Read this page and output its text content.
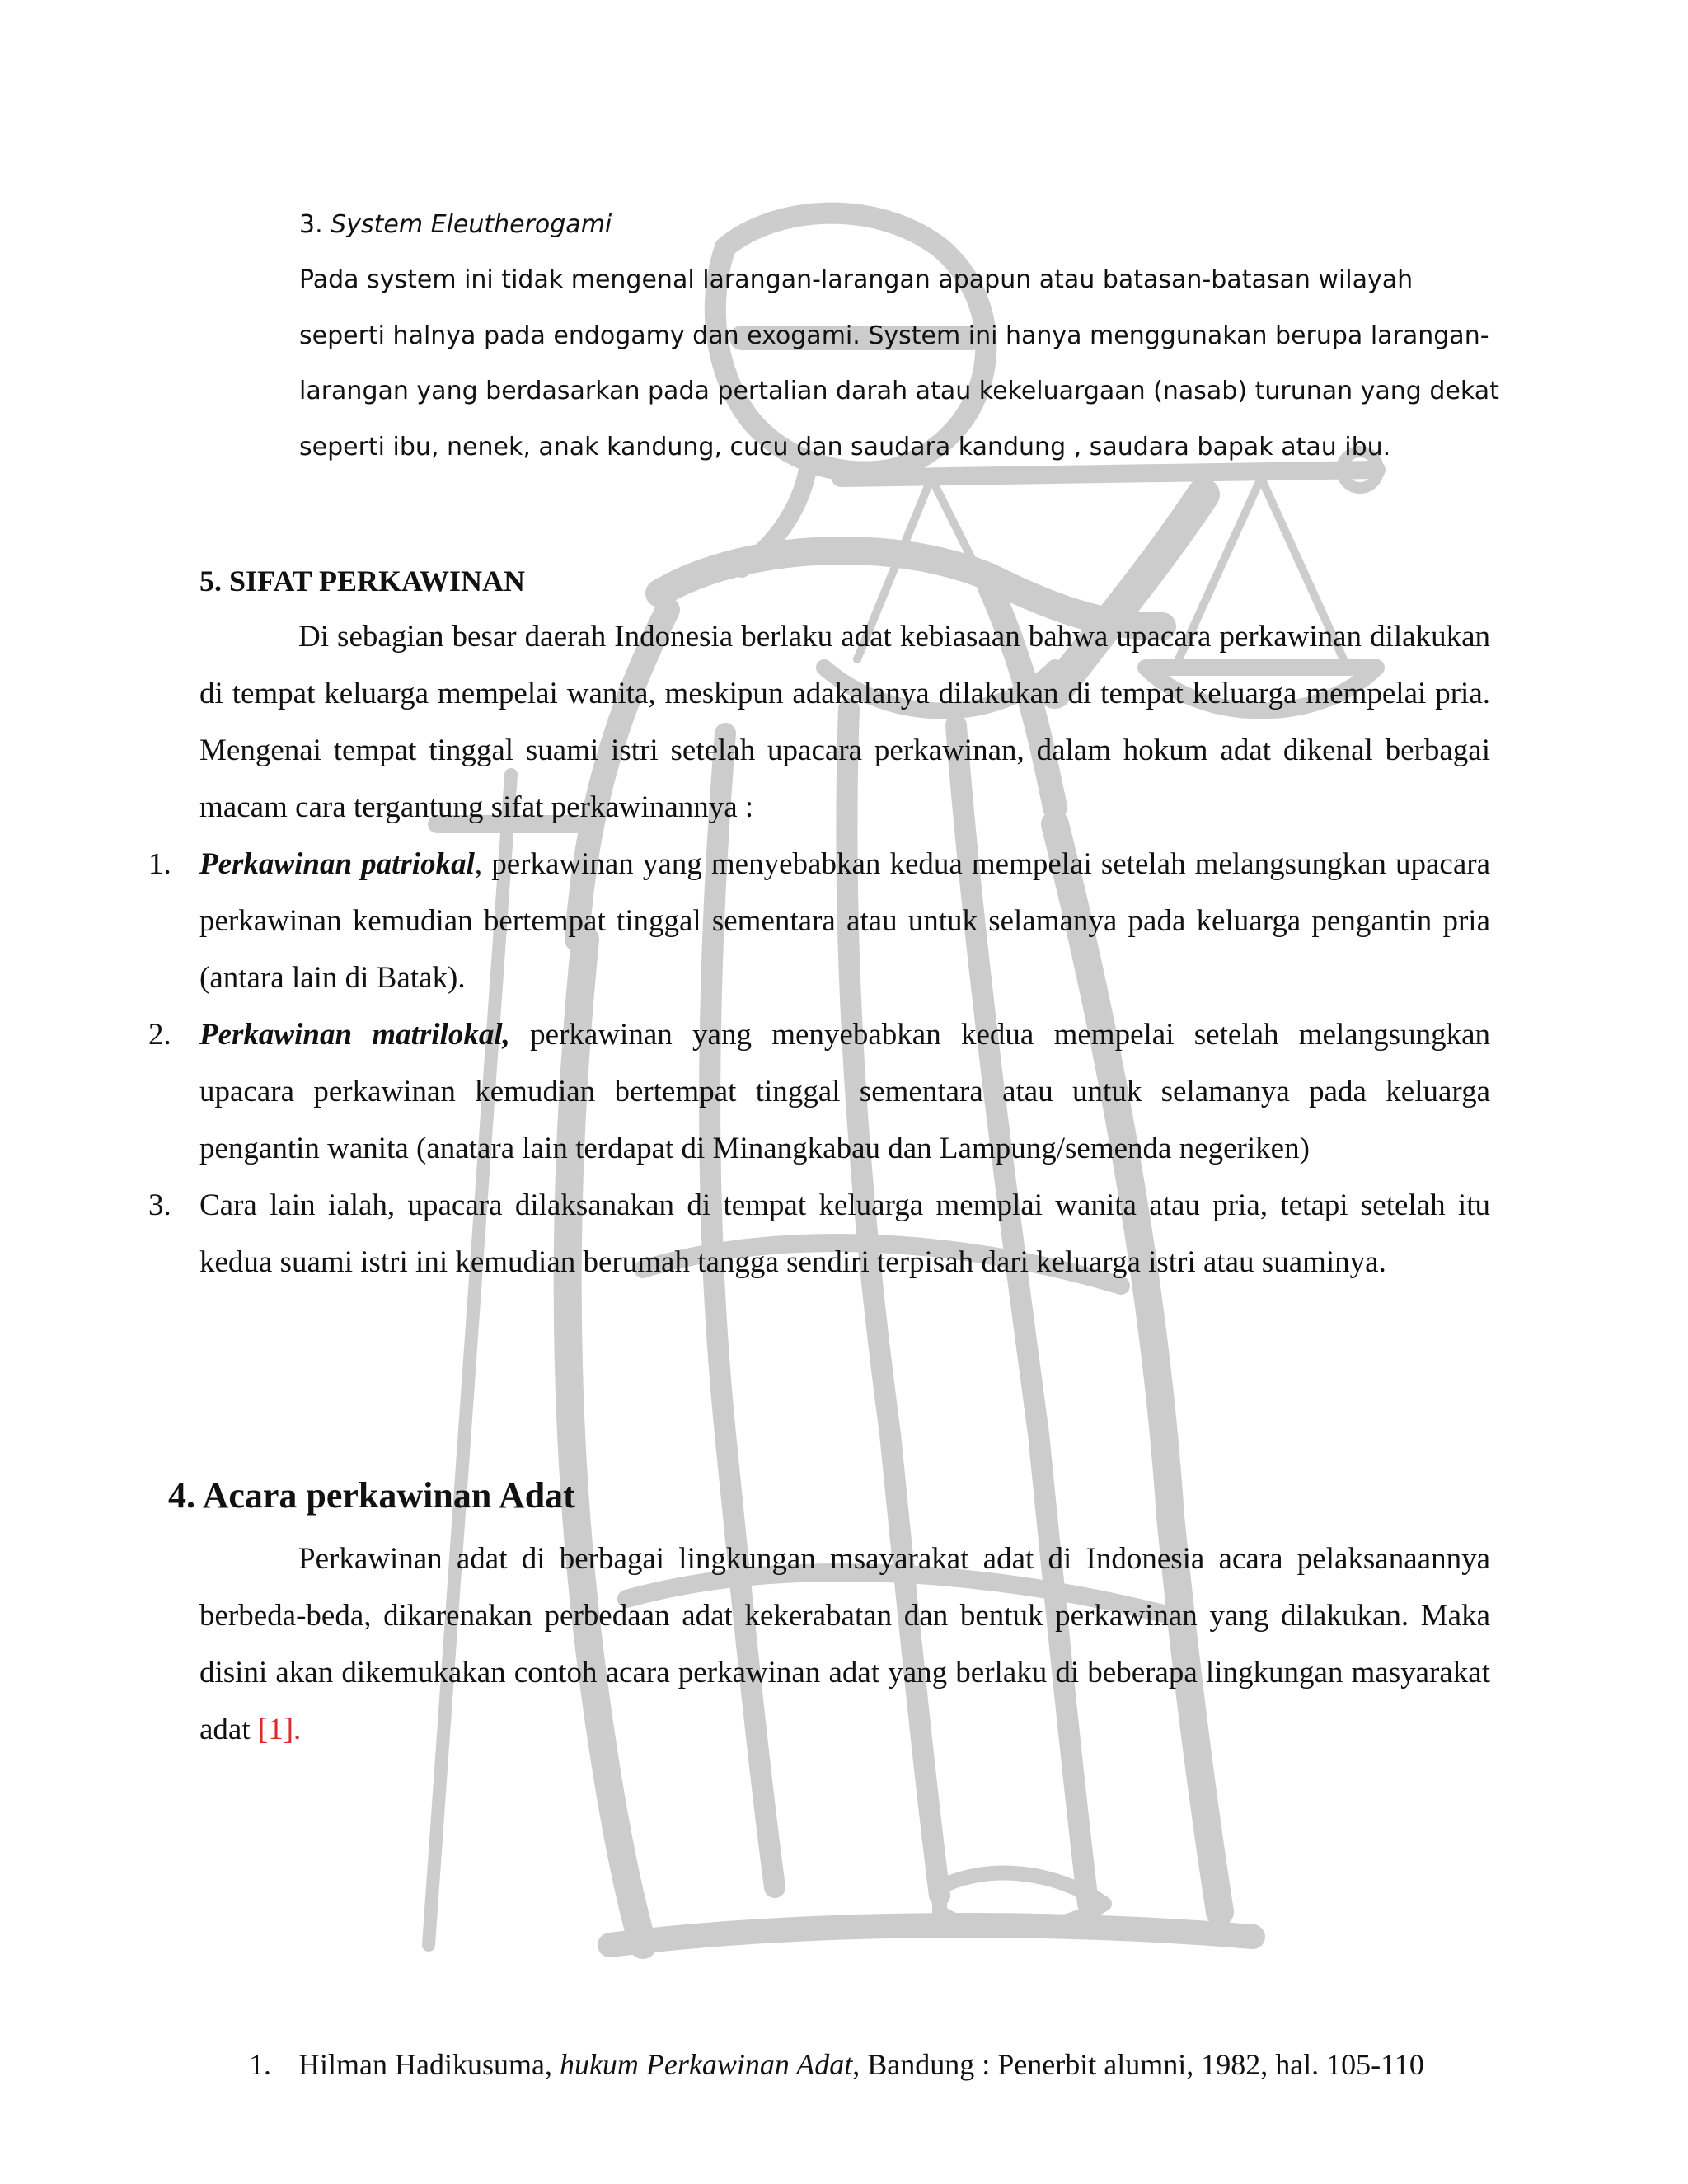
3. System Eleutherogami

Pada system ini tidak mengenal larangan-larangan apapun atau batasan-batasan wilayah seperti halnya pada endogamy dan exogami. System ini hanya menggunakan berupa larangan-larangan yang berdasarkan pada pertalian darah atau kekeluargaan (nasab) turunan yang dekat seperti ibu, nenek, anak kandung, cucu dan saudara kandung , saudara bapak atau ibu.

5. SIFAT PERKAWINAN

Di sebagian besar daerah Indonesia berlaku adat kebiasaan bahwa upacara perkawinan dilakukan di tempat keluarga mempelai wanita, meskipun adakalanya dilakukan di tempat keluarga mempelai pria. Mengenai tempat tinggal suami istri setelah upacara perkawinan, dalam hokum adat dikenal berbagai macam cara tergantung sifat perkawinannya :

1. Perkawinan patriokal, perkawinan yang menyebabkan kedua mempelai setelah melangsungkan upacara perkawinan kemudian bertempat tinggal sementara atau untuk selamanya pada keluarga pengantin pria (antara lain di Batak).

2. Perkawinan matrilokal, perkawinan yang menyebabkan kedua mempelai setelah melangsungkan upacara perkawinan kemudian bertempat tinggal sementara atau untuk selamanya pada keluarga pengantin wanita (anatara lain terdapat di Minangkabau dan Lampung/semenda negeriken)

3. Cara lain ialah, upacara dilaksanakan di tempat keluarga memplai wanita atau pria, tetapi setelah itu kedua suami istri ini kemudian berumah tangga sendiri terpisah dari keluarga istri atau suaminya.

4. Acara perkawinan Adat

Perkawinan adat di berbagai lingkungan msayarakat adat di Indonesia acara pelaksanaannya berbeda-beda, dikarenakan perbedaan adat kekerabatan dan bentuk perkawinan yang dilakukan. Maka disini akan dikemukakan contoh acara perkawinan adat yang berlaku di beberapa lingkungan masyarakat adat [1].

1. Hilman Hadikusuma, hukum Perkawinan Adat, Bandung : Penerbit alumni, 1982, hal. 105-110
